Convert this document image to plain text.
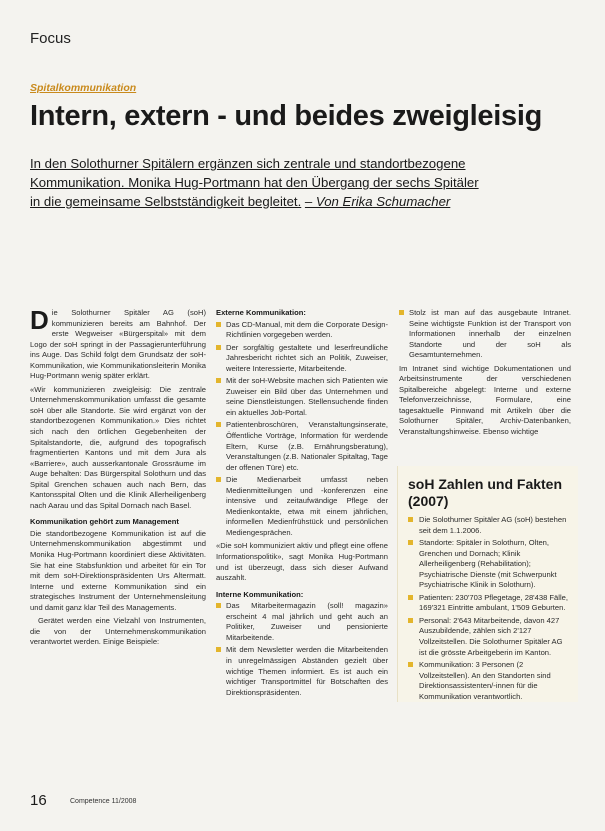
Focus
Spitalkommunikation
Intern, extern - und beides zweigleisig
In den Solothurner Spitälern ergänzen sich zentrale und standortbezogene
Kommunikation. Monika Hug-Portmann hat den Übergang der sechs Spitäler
in die gemeinsame Selbstständigkeit begleitet. – Von Erika Schumacher

Die Solothurner Spitäler AG (soH) kommunizieren bereits am Bahnhof. Der erste Wegweiser «Bürgerspital» mit dem Logo der soH springt in der Passagierunterführung ins Auge. Das Schild folgt dem Grundsatz der soH-Kommunikation, wie Kommunikationsleiterin Monika Hug-Portmann wenig später erklärt.

«Wir kommunizieren zweigleisig: Die zentrale Unternehmenskommunikation umfasst die gesamte soH über alle Standorte. Sie wird ergänzt von der standortbezogenen Kommunikation.» Dies richtet sich nach den örtlichen Gegebenheiten der Spitalstandorte, die, aufgrund des topografisch fragmentierten Kantons und mit dem Jura als «Barriere», auch ausserkantonale Grossräume im Auge behalten: Das Bürgerspital Solothurn und das Spital Grenchen schauen auch nach Bern, das Kantonsspital Olten und die Klinik Allerheiligenberg nach Aarau und das Spital Dornach nach Basel.

Kommunikation gehört zum Management

Die standortbezogene Kommunikation ist auf die Unternehmenskommunikation abgestimmt und Monika Hug-Portmann koordiniert diese Aktivitäten. Sie hat eine Stabsfunktion und arbeitet für ein Tor mit dem soH-Direktionspräsidenten Urs Altermatt. Interne und externe Kommunikation sind ein strategisches Instrument der Unternehmensleitung und damit ganz klar Teil des Managements.

Gerätet werden eine Vielzahl von Instrumenten, die von der Unternehmenskommunikation verantwortet werden. Einige Beispiele:

Externe Kommunikation:
Das CD-Manual, mit dem die Corporate Design-Richtlinien vorgegeben werden.
Der sorgfältig gestaltete und leserfreundliche Jahresbericht richtet sich an Politik, Zuweiser, weitere Interessierte, Mitarbeitende.
Mit der soH-Website machen sich Patienten wie Zuweiser ein Bild über das Unternehmen und seine Dienstleistungen. Stellensuchende finden ein aktuelles Job-Portal.
Patientenbroschüren, Veranstaltungsinserate, Öffentliche Vorträge, Information für werdende Eltern, Kurse (z.B. Ernährungsberatung), Veranstaltungen (z.B. Nationaler Spitaltag, Tage der offenen Türe) etc.
Die Medienarbeit umfasst neben Medienmitteilungen und -konferenzen eine intensive und zeitaufwändige Pflege der Medienkontakte, etwa mit einem jährlichen, informellen Medienfrühstück und persönlichen Mediengesprächen.

«Die soH kommuniziert aktiv und pflegt eine offene Informationspolitik», sagt Monika Hug-Portmann und ist überzeugt, dass sich dieser Aufwand auszahlt.

Interne Kommunikation:
Das Mitarbeitermagazin (soll! magazin» erscheint 4 mal jährlich und geht auch an Politiker, Zuweiser und pensionierte Mitarbeitende.
Mit dem Newsletter werden die Mitarbeitenden in unregelmässigen Abständen gezielt über wichtige Themen informiert. Es ist auch ein wichtiger Transportmittel für Botschaften des Direktionspräsidenten.
Stolz ist man auf das ausgebaute Intranet. Seine wichtigste Funktion ist der Transport von Informationen innerhalb der einzelnen Standorte und der soH als Gesamtunternehmen.

Im Intranet sind wichtige Dokumentationen und Arbeitsinstrumente der verschiedenen Spitalbereiche abgelegt: Interne und externe Telefonverzeichnisse, Formulare, eine tagesaktuelle Pinnwand mit Artikeln über die Solothurner Spitäler, Archiv-Datenbanken, Veranstaltungshinweise. Ebenso wichtige

soH Zahlen und Fakten (2007)
Die Solothurner Spitäler AG (soH) bestehen seit dem 1.1.2006.
Standorte: Spitäler in Solothurn, Olten, Grenchen und Dornach; Klinik Allerheiligenberg (Rehabilitation); Psychiatrische Dienste (mit Schwerpunkt Psychiatrische Klinik in Solothurn).
Patienten: 230'703 Pflegetage, 28'438 Fälle, 169'321 Eintritte ambulant, 1'509 Geburten.
Personal: 2'643 Mitarbeitende, davon 427 Auszubildende, zählen sich 2'127 Vollzeitstellen. Die Solothurner Spitäler AG ist die grösste Arbeitgeberin im Kanton.
Kommunikation: 3 Personen (2 Vollzeitstellen). An den Standorten sind Direktionsassistenten/-innen für die Kommunikation verantwortlich.
16	Competence 11/2008
